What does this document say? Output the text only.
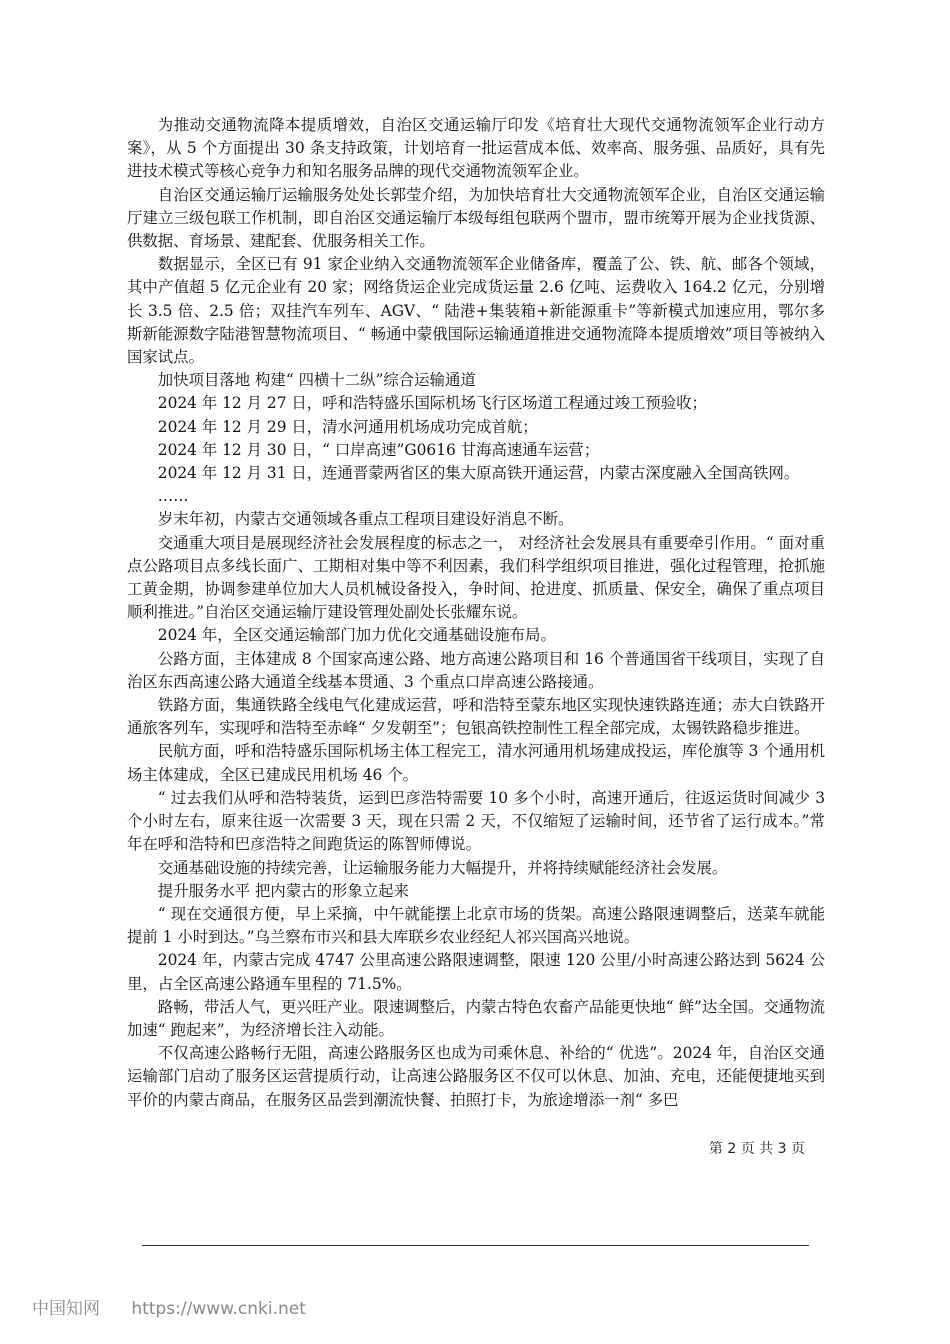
为推动交通物流降本提质增效，自治区交通运输厅印发《培育壮大现代交通物流领军企业行动方案》，从 5 个方面提出 30 条支持政策，计划培育一批运营成本低、效率高、服务强、品质好，具有先进技术模式等核心竞争力和知名服务品牌的现代交通物流领军企业。

自治区交通运输厅运输服务处处长郭莹介绍，为加快培育壮大交通物流领军企业，自治区交通运输厅建立三级包联工作机制，即自治区交通运输厅本级每组包联两个盟市，盟市统筹开展为企业找货源、供数据、育场景、建配套、优服务相关工作。

数据显示，全区已有 91 家企业纳入交通物流领军企业储备库，覆盖了公、铁、航、邮各个领域，其中产值超 5 亿元企业有 20 家；网络货运企业完成货运量 2.6 亿吨、运费收入 164.2 亿元，分别增长 3.5 倍、2.5 倍；双挂汽车列车、AGV、“ 陆港+集装箱+新能源重卡”等新模式加速应用，鄂尔多斯新能源数字陆港智慧物流项目、“ 畅通中蒙俄国际运输通道推进交通物流降本提质增效”项目等被纳入国家试点。

加快项目落地 构建“ 四横十二纵”综合运输通道

2024 年 12 月 27 日，呼和浩特盛乐国际机场飞行区场道工程通过竣工预验收；

2024 年 12 月 29 日，清水河通用机场成功完成首航；

2024 年 12 月 30 日，“ 口岸高速”G0616 甘海高速通车运营；

2024 年 12 月 31 日，连通晋蒙两省区的集大原高铁开通运营，内蒙古深度融入全国高铁网。

……

岁末年初，内蒙古交通领域各重点工程项目建设好消息不断。

交通重大项目是展现经济社会发展程度的标志之一， 对经济社会发展具有重要牵引作用。“ 面对重点公路项目点多线长面广、工期相对集中等不利因素，我们科学组织项目推进，强化过程管理，抢抓施工黄金期，协调参建单位加大人员机械设备投入，争时间、抢进度、抓质量、保安全，确保了重点项目顺利推进。”自治区交通运输厅建设管理处副处长张耀东说。

2024 年，全区交通运输部门加力优化交通基础设施布局。

公路方面，主体建成 8 个国家高速公路、地方高速公路项目和 16 个普通国省干线项目，实现了自治区东西高速公路大通道全线基本贯通、3 个重点口岸高速公路接通。

铁路方面，集通铁路全线电气化建成运营，呼和浩特至蒙东地区实现快速铁路连通；赤大白铁路开通旅客列车，实现呼和浩特至赤峰“ 夕发朝至”；包银高铁控制性工程全部完成，太锡铁路稳步推进。

民航方面，呼和浩特盛乐国际机场主体工程完工，清水河通用机场建成投运，库伦旗等 3 个通用机场主体建成，全区已建成民用机场 46 个。

“ 过去我们从呼和浩特装货，运到巴彦浩特需要 10 多个小时，高速开通后，往返运货时间减少 3 个小时左右，原来往返一次需要 3 天，现在只需 2 天，不仅缩短了运输时间，还节省了运行成本。”常年在呼和浩特和巴彦浩特之间跑货运的陈智师傅说。

交通基础设施的持续完善，让运输服务能力大幅提升，并将持续赋能经济社会发展。

提升服务水平 把内蒙古的形象立起来

“ 现在交通很方便，早上采摘，中午就能摆上北京市场的货架。高速公路限速调整后，送菜车就能提前 1 小时到达。”乌兰察布市兴和县大库联乡农业经纪人祁兴国高兴地说。

2024 年，内蒙古完成 4747 公里高速公路限速调整，限速 120 公里/小时高速公路达到 5624 公里，占全区高速公路通车里程的 71.5%。

路畅，带活人气，更兴旺产业。限速调整后，内蒙古特色农畜产品能更快地“ 鲜”达全国。交通物流加速“ 跑起来”，为经济增长注入动能。

不仅高速公路畅行无阻，高速公路服务区也成为司乘休息、补给的“ 优选”。2024 年，自治区交通运输部门启动了服务区运营提质行动，让高速公路服务区不仅可以休息、加油、充电，还能便捷地买到平价的内蒙古商品，在服务区品尝到潮流快餐、拍照打卡，为旅途增添一剂“ 多巴

第 2 页 共 3 页
中国知网 https://www.cnki.net
